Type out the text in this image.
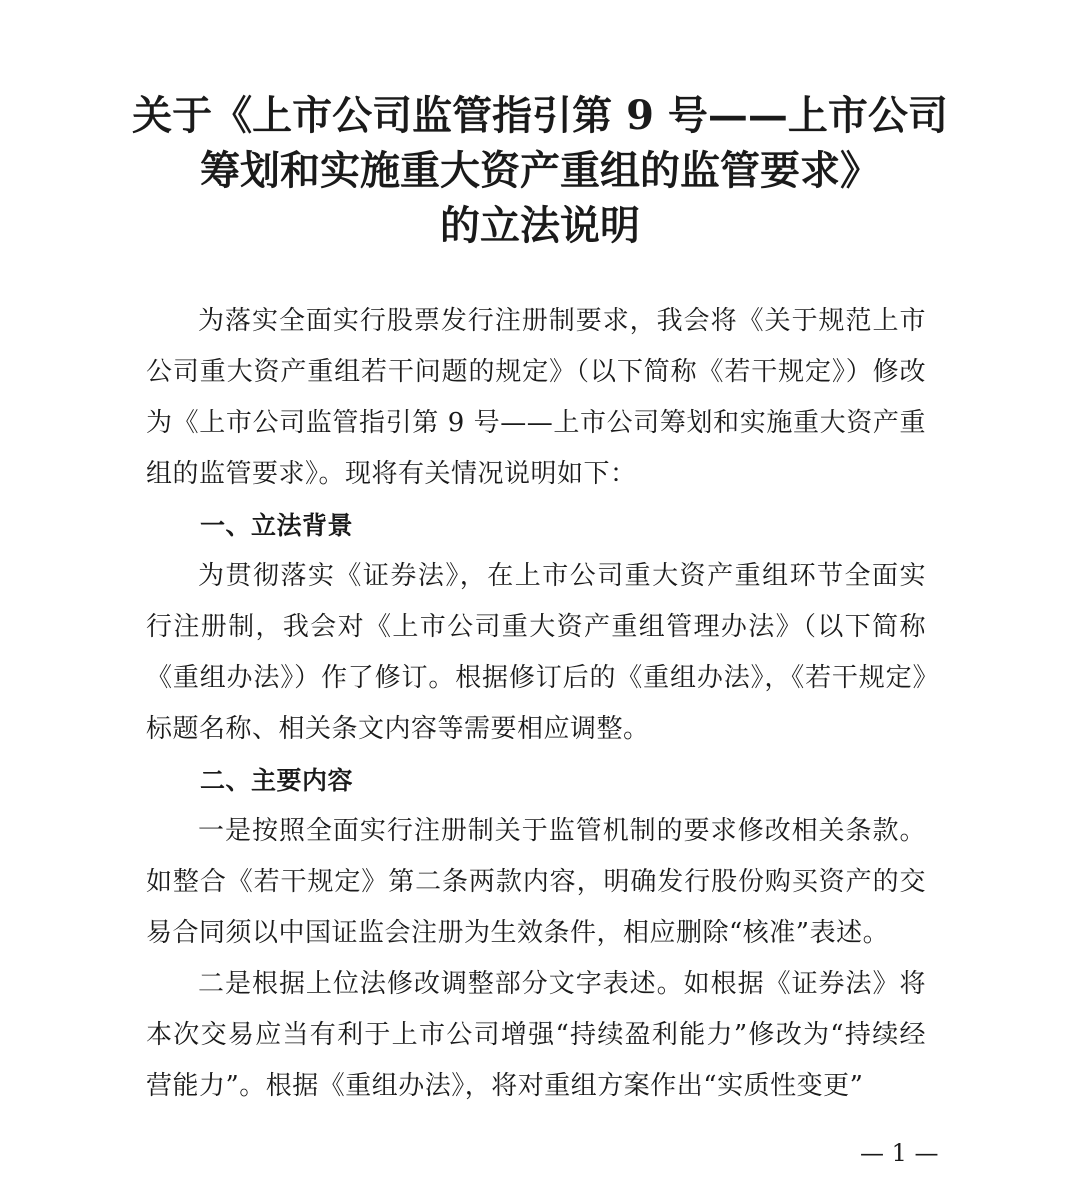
关于《上市公司监管指引第 9 号——上市公司
筹划和实施重大资产重组的监管要求》
的立法说明

为落实全面实行股票发行注册制要求，我会将《关于规范上市公司重大资产重组若干问题的规定》（以下简称《若干规定》）修改为《上市公司监管指引第 9 号——上市公司筹划和实施重大资产重组的监管要求》。现将有关情况说明如下：

一、立法背景

为贯彻落实《证券法》，在上市公司重大资产重组环节全面实行注册制，我会对《上市公司重大资产重组管理办法》（以下简称《重组办法》）作了修订。根据修订后的《重组办法》，《若干规定》标题名称、相关条文内容等需要相应调整。

二、主要内容

一是按照全面实行注册制关于监管机制的要求修改相关条款。如整合《若干规定》第二条两款内容，明确发行股份购买资产的交易合同须以中国证监会注册为生效条件，相应删除“核准”表述。

二是根据上位法修改调整部分文字表述。如根据《证券法》将本次交易应当有利于上市公司增强“持续盈利能力”修改为“持续经营能力”。根据《重组办法》，将对重组方案作出“实质性变更”

— 1 —
